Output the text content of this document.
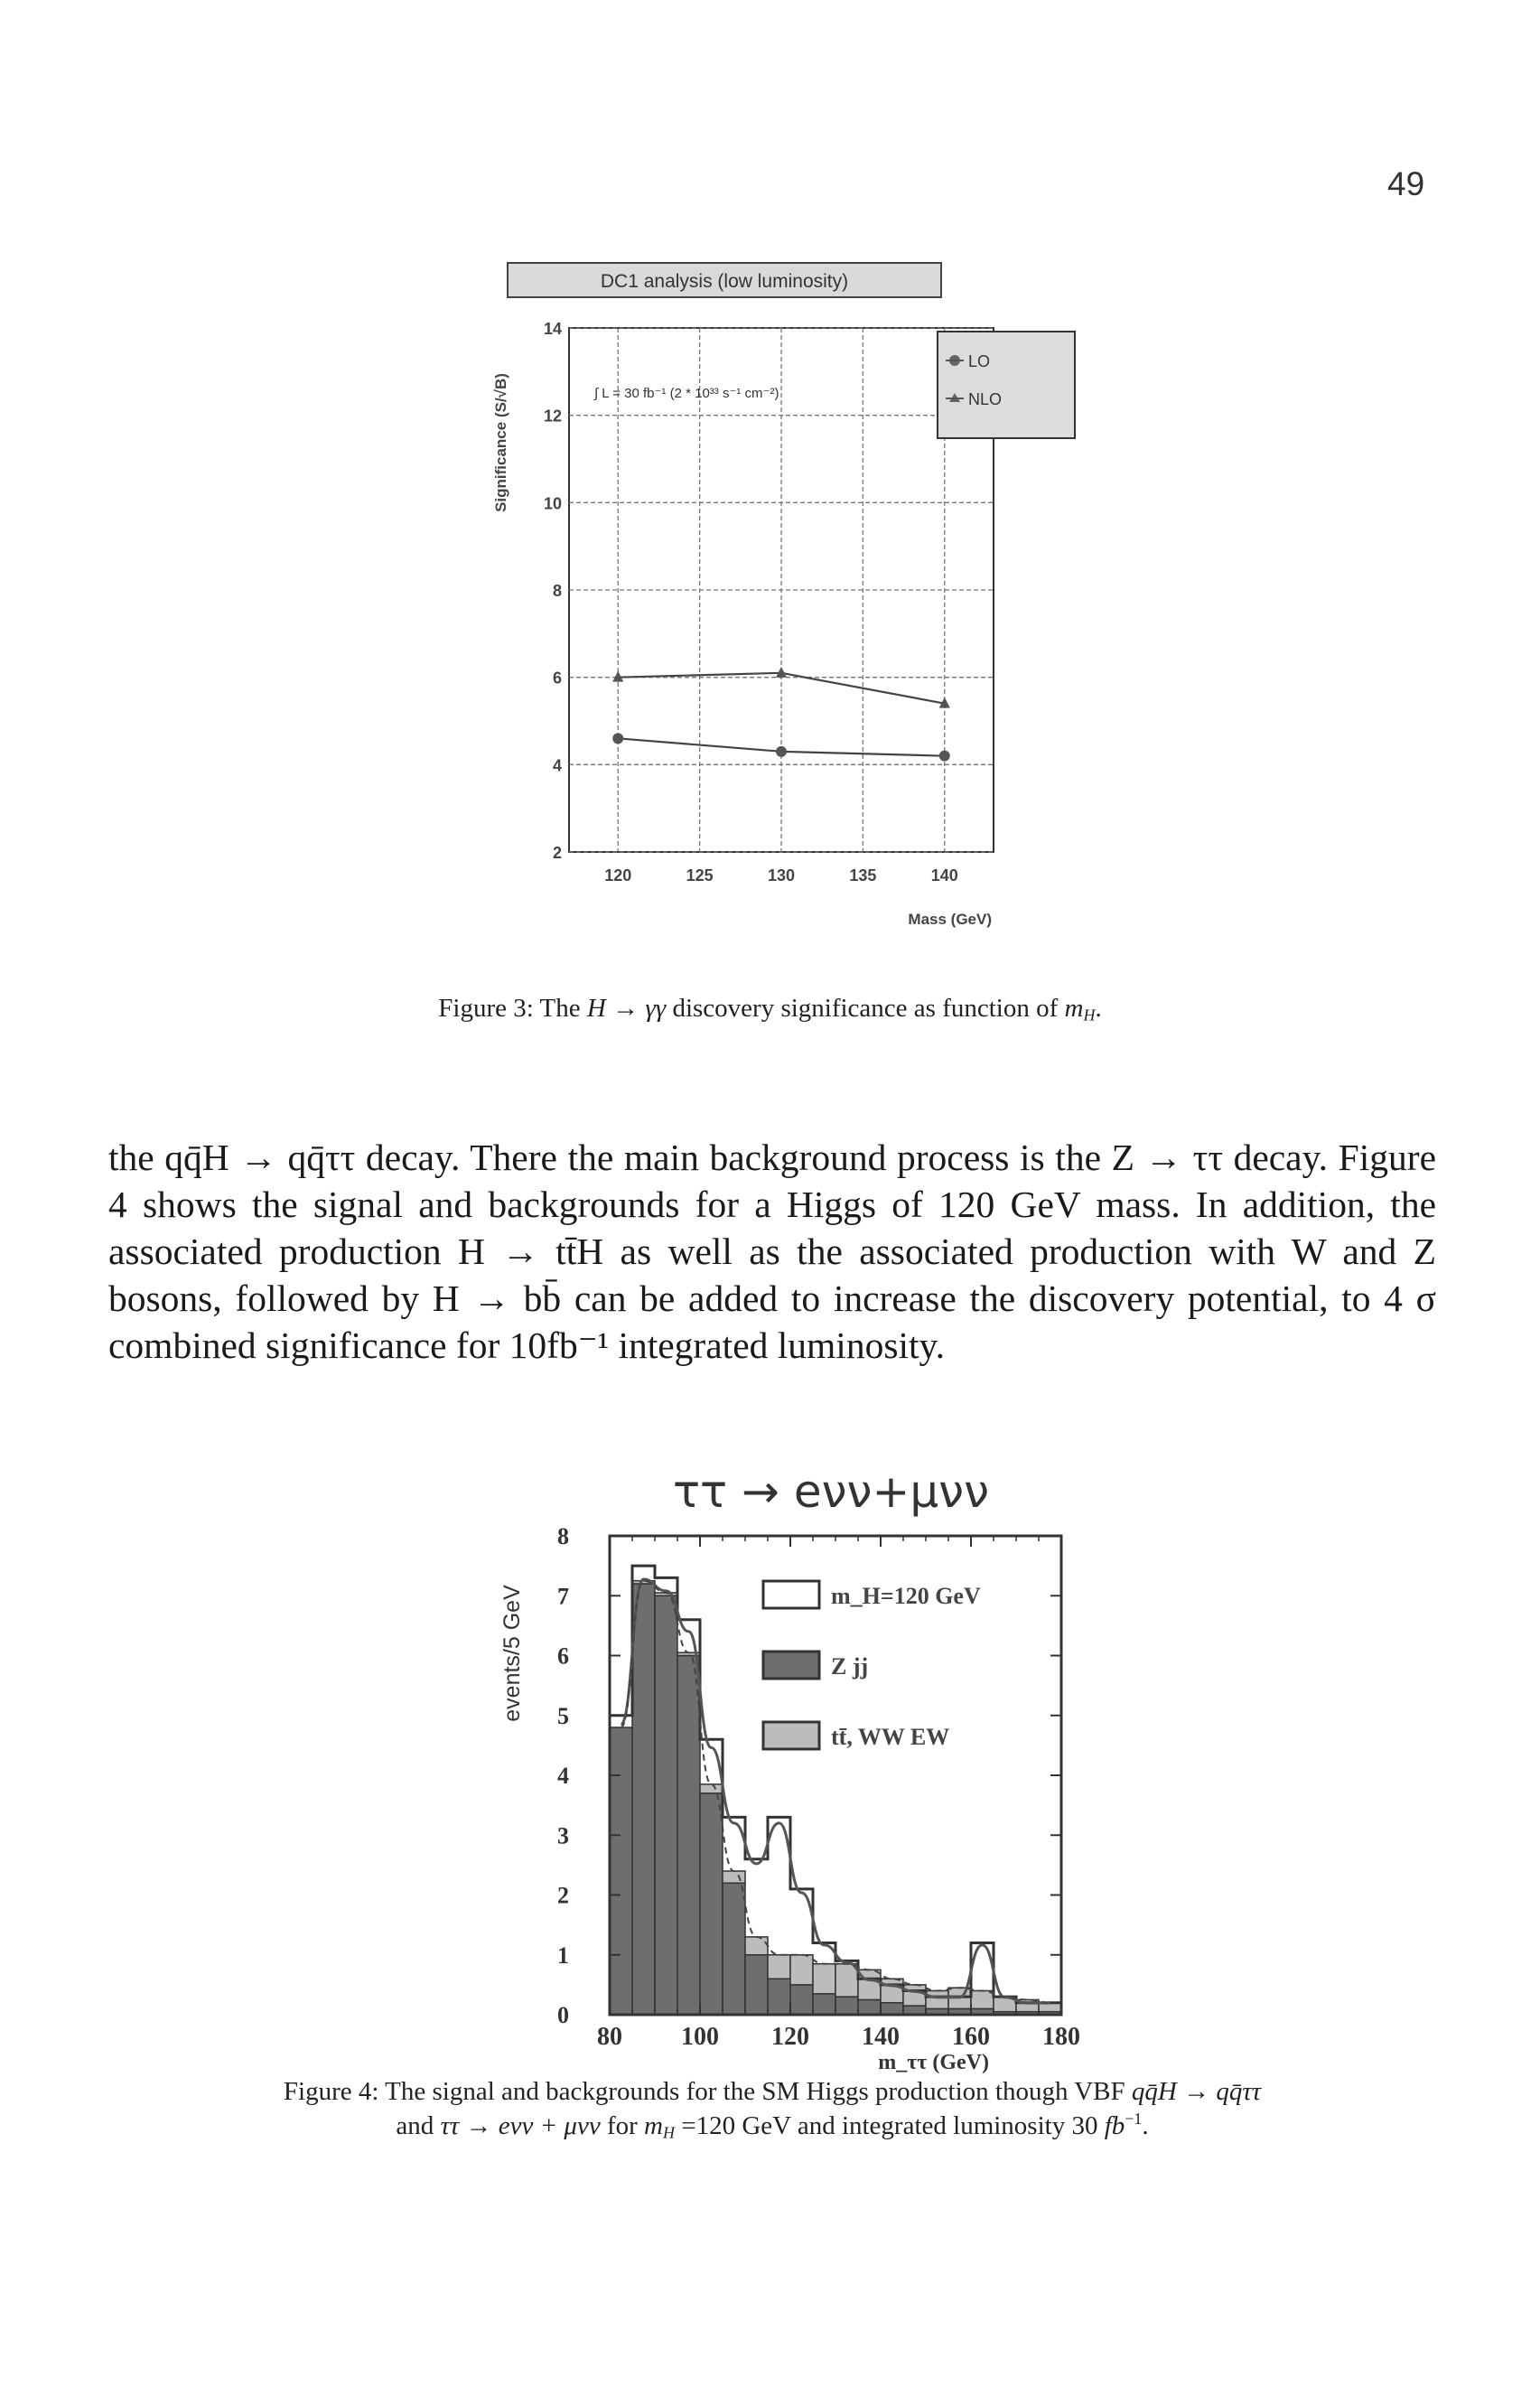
49
DC1 analysis (low luminosity)
Significance (S/√B)
120	125	130	135	140
2
4
6
8
10
12
14
∫ L = 30 fb⁻¹ (2 * 10³³ s⁻¹ cm⁻²)
LO
NLO
Mass (GeV)
Figure 3: The H → γγ discovery significance as function of $m_H$.
the qq̄H → qq̄ττ decay. There the main background process is the Z → ττ decay. Figure 4 shows the signal and backgrounds for a Higgs of 120 GeV mass. In addition, the associated production H → tt̄H as well as the associated production with W and Z bosons, followed by H → bb̄ can be added to increase the discovery potential, to 4 σ combined significance for 10fb⁻¹ integrated luminosity.
ττ → eνν+μνν
events/5 GeV
80 100 120 140 160 180
0
1
2
3
4
5
6
7
8
m_ττ (GeV)
m_H=120 GeV
Z jj
tt̄, WW EW
Figure 4: The signal and backgrounds for the SM Higgs production though VBF qq̄H → qq̄ττ
and ττ → eνν + μνν for $m_H =120$ GeV and integrated luminosity 30 $fb^{-1}$.
